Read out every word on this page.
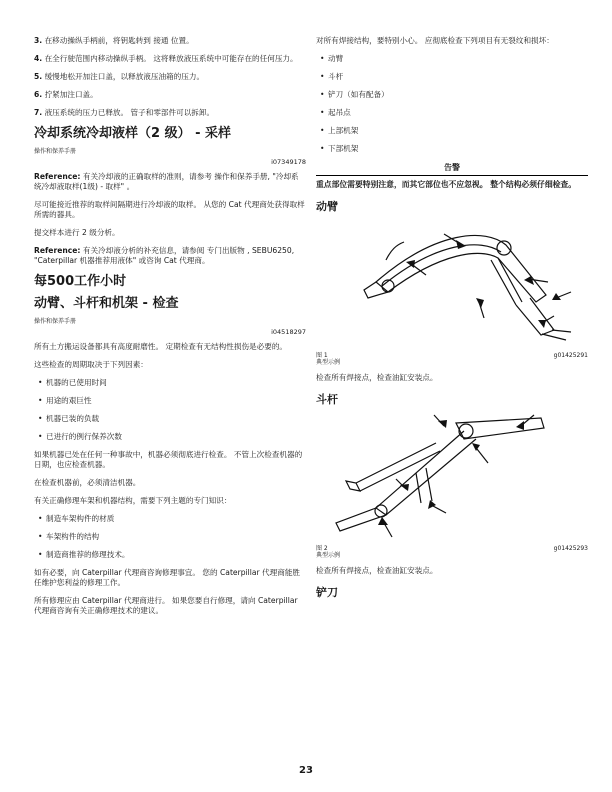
3. 在移动操纵手柄前，将钥匙转到 接通 位置。

4. 在全行驶范围内移动操纵手柄。 这将释放液压系统中可能存在的任何压力。

5. 缓慢地松开加注口盖，以释放液压油箱的压力。

6. 拧紧加注口盖。

7. 液压系统的压力已释放。 管子和零部件可以拆卸。

冷却系统冷却液样（2 级） - 采样
操作和保养手册
i07349178

Reference: 有关冷却液的正确取样的准则，请参考 操作和保养手册, "冷却系统冷却液取样(1级) - 取样" 。

尽可能接近推荐的取样间隔期进行冷却液的取样。 从您的 Cat 代理商处获得取样所需的器具。

提交样本进行 2 级分析。

Reference: 有关冷却液分析的补充信息，请参阅 专门出版物 , SEBU6250, "Caterpillar 机器推荐用液体" 或咨询 Cat 代理商。

每500工作小时
动臂、斗杆和机架 - 检查
操作和保养手册
i04518297

所有土方搬运设备都具有高度耐磨性。 定期检查有无结构性损伤是必要的。

这些检查的周期取决于下列因素：

• 机器的已使用时间
• 用途的艰巨性
• 机器已装的负载
• 已进行的例行保养次数

如果机器已处在任何一种事故中，机器必须彻底进行检查。 不管上次检查机器的日期，也应检查机器。

在检查机器前，必须清洁机器。

有关正确修理车架和机器结构，需要下列主题的专门知识：

• 制造车架构件的材质
• 车架构件的结构
• 制造商推荐的修理技术。

如有必要，向 Caterpillar 代理商咨询修理事宜。 您的 Caterpillar 代理商能胜任维护您利益的修理工作。

所有修理应由 Caterpillar 代理商进行。 如果您要自行修理，请向 Caterpillar 代理商咨询有关正确修理技术的建议。

对所有焊接结构，要特别小心。 应彻底检查下列项目有无裂纹和损坏：

• 动臂
• 斗杆
• 铲刀（如有配备）
• 起吊点
• 上部机架
• 下部机架
告警
重点部位需要特别注意，而其它部位也不应忽视。 整个结构必须仔细检查。
动臂
图 1	g01425291
典型示例

检查所有焊接点，检查油缸安装点。

斗杆
图 2	g01425293
典型示例

检查所有焊接点，检查油缸安装点。

铲刀
23
